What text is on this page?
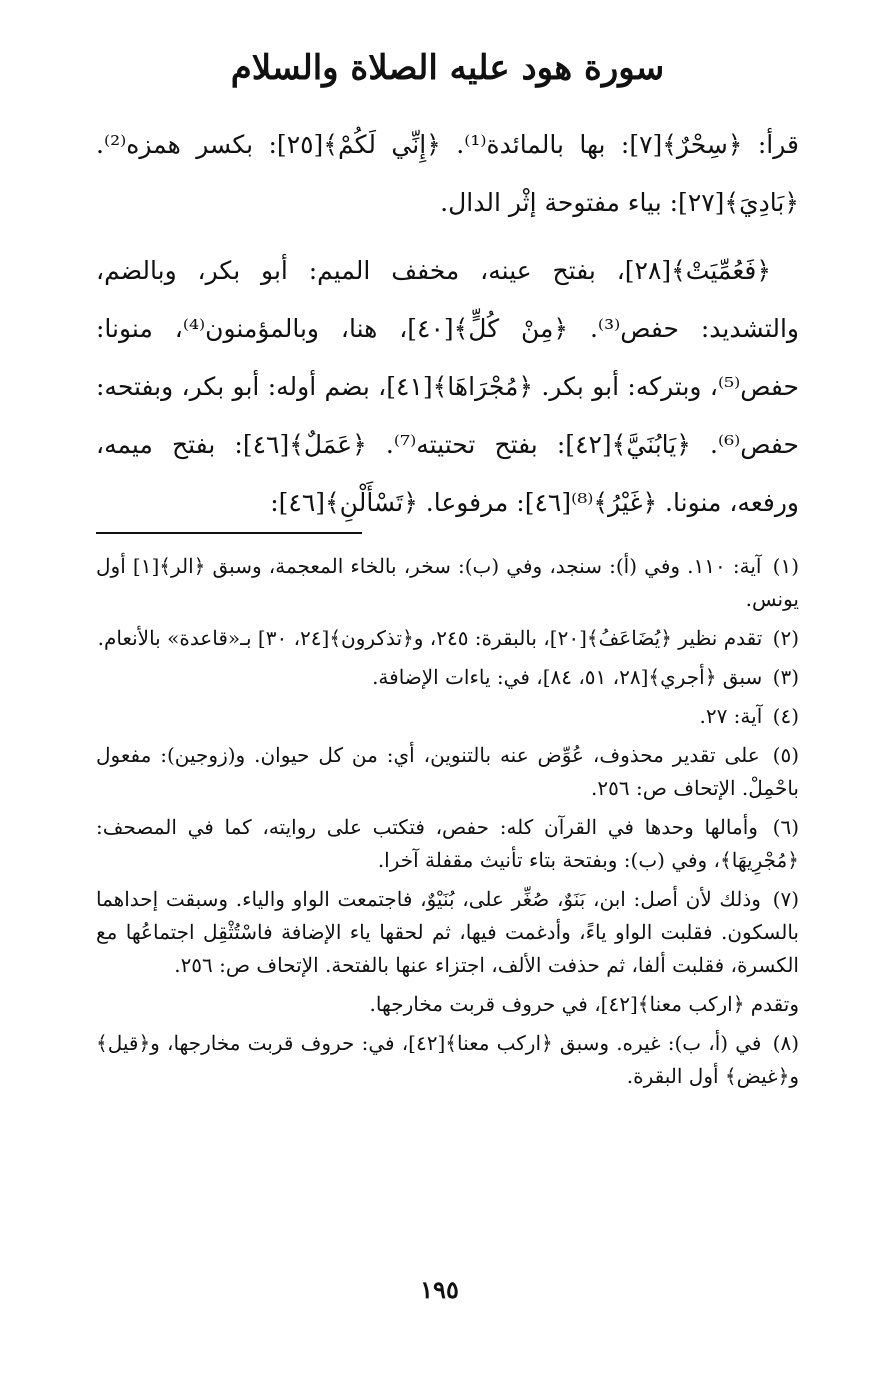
سورة هود عليه الصلاة والسلام

قرأ: ﴿سِحْرٌ﴾[٧]: بها بالمائدة⁽¹⁾. ﴿إِنِّي لَكُمْ﴾[٢٥]: بكسر همزه⁽²⁾. ﴿بَادِيَ﴾[٢٧]: بياء مفتوحة إثْر الدال.

﴿فَعُمِّيَتْ﴾[٢٨]، بفتح عينه، مخفف الميم: أبو بكر، وبالضم، والتشديد: حفص⁽³⁾. ﴿مِنْ كُلٍّ﴾[٤٠]، هنا، وبالمؤمنون⁽⁴⁾، منونا: حفص⁽⁵⁾، وبتركه: أبو بكر. ﴿مُجْرَاهَا﴾[٤١]، بضم أوله: أبو بكر، وبفتحه: حفص⁽⁶⁾. ﴿يَابُنَيَّ﴾[٤٢]: بفتح تحتيته⁽⁷⁾. ﴿عَمَلٌ﴾[٤٦]: بفتح ميمه، ورفعه، منونا. ﴿غَيْرُ﴾⁽⁸⁾[٤٦]: مرفوعا. ﴿تَسْأَلْنِ﴾[٤٦]:

(١) آية: ١١٠. وفي (أ): سنجد، وفي (ب): سخر، بالخاء المعجمة، وسبق ﴿الر﴾[١] أول يونس.

(٢) تقدم نظير ﴿يُضَاعَفُ﴾[٢٠]، بالبقرة: ٢٤٥، و﴿تذكرون﴾[٢٤، ٣٠] بـ«قاعدة» بالأنعام.

(٣) سبق ﴿أجري﴾[٢٨، ٥١، ٨٤]، في: ياءات الإضافة.

(٤) آية: ٢٧.

(٥) على تقدير محذوف، عُوِّض عنه بالتنوين، أي: من كل حيوان. و(زوجين): مفعول باحْمِلْ. الإتحاف ص: ٢٥٦.

(٦) وأمالها وحدها في القرآن كله: حفص، فتكتب على روايته، كما في المصحف: ﴿مُجْرِيهَا﴾، وفي (ب): وبفتحة بتاء تأنيث مقفلة آخرا.

(٧) وذلك لأن أصل: ابن، بَنَوٌ، صُغِّر على، بُنَيْوٌ، فاجتمعت الواو والياء. وسبقت إحداهما بالسكون. فقلبت الواو ياءً، وأدغمت فيها، ثم لحقها ياء الإضافة فاسْتُثْقِل اجتماعُها مع الكسرة، فقلبت ألفا، ثم حذفت الألف، اجتزاء عنها بالفتحة. الإتحاف ص: ٢٥٦.

وتقدم ﴿اركب معنا﴾[٤٢]، في حروف قربت مخارجها.

(٨) في (أ، ب): غيره. وسبق ﴿اركب معنا﴾[٤٢]، في: حروف قربت مخارجها، و﴿قيل﴾ و﴿غيض﴾ أول البقرة.

١٩٥
